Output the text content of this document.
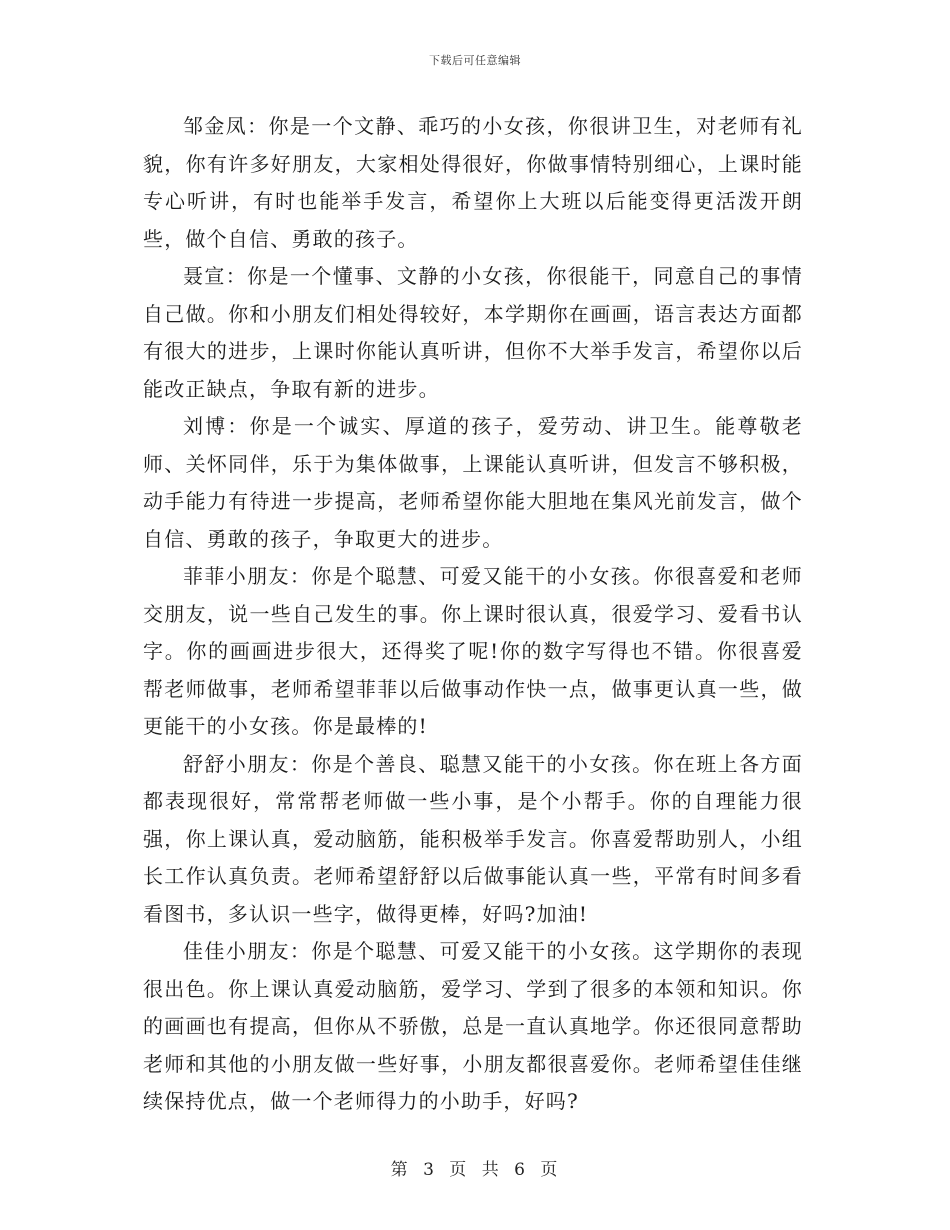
下载后可任意编辑

邹金凤：你是一个文静、乖巧的小女孩，你很讲卫生，对老师有礼貌，你有许多好朋友，大家相处得很好，你做事情特别细心，上课时能专心听讲，有时也能举手发言，希望你上大班以后能变得更活泼开朗些，做个自信、勇敢的孩子。

聂宣：你是一个懂事、文静的小女孩，你很能干，同意自己的事情自己做。你和小朋友们相处得较好，本学期你在画画，语言表达方面都有很大的进步，上课时你能认真听讲，但你不大举手发言，希望你以后能改正缺点，争取有新的进步。

刘博：你是一个诚实、厚道的孩子，爱劳动、讲卫生。能尊敬老师、关怀同伴，乐于为集体做事，上课能认真听讲，但发言不够积极，动手能力有待进一步提高，老师希望你能大胆地在集风光前发言，做个自信、勇敢的孩子，争取更大的进步。

菲菲小朋友：你是个聪慧、可爱又能干的小女孩。你很喜爱和老师交朋友，说一些自己发生的事。你上课时很认真，很爱学习、爱看书认字。你的画画进步很大，还得奖了呢!你的数字写得也不错。你很喜爱帮老师做事，老师希望菲菲以后做事动作快一点，做事更认真一些，做更能干的小女孩。你是最棒的!

舒舒小朋友：你是个善良、聪慧又能干的小女孩。你在班上各方面都表现很好，常常帮老师做一些小事，是个小帮手。你的自理能力很强，你上课认真，爱动脑筋，能积极举手发言。你喜爱帮助别人，小组长工作认真负责。老师希望舒舒以后做事能认真一些，平常有时间多看看图书，多认识一些字，做得更棒，好吗?加油!

佳佳小朋友：你是个聪慧、可爱又能干的小女孩。这学期你的表现很出色。你上课认真爱动脑筋，爱学习、学到了很多的本领和知识。你的画画也有提高，但你从不骄傲，总是一直认真地学。你还很同意帮助老师和其他的小朋友做一些好事，小朋友都很喜爱你。老师希望佳佳继续保持优点，做一个老师得力的小助手，好吗?

第 3 页 共 6 页
